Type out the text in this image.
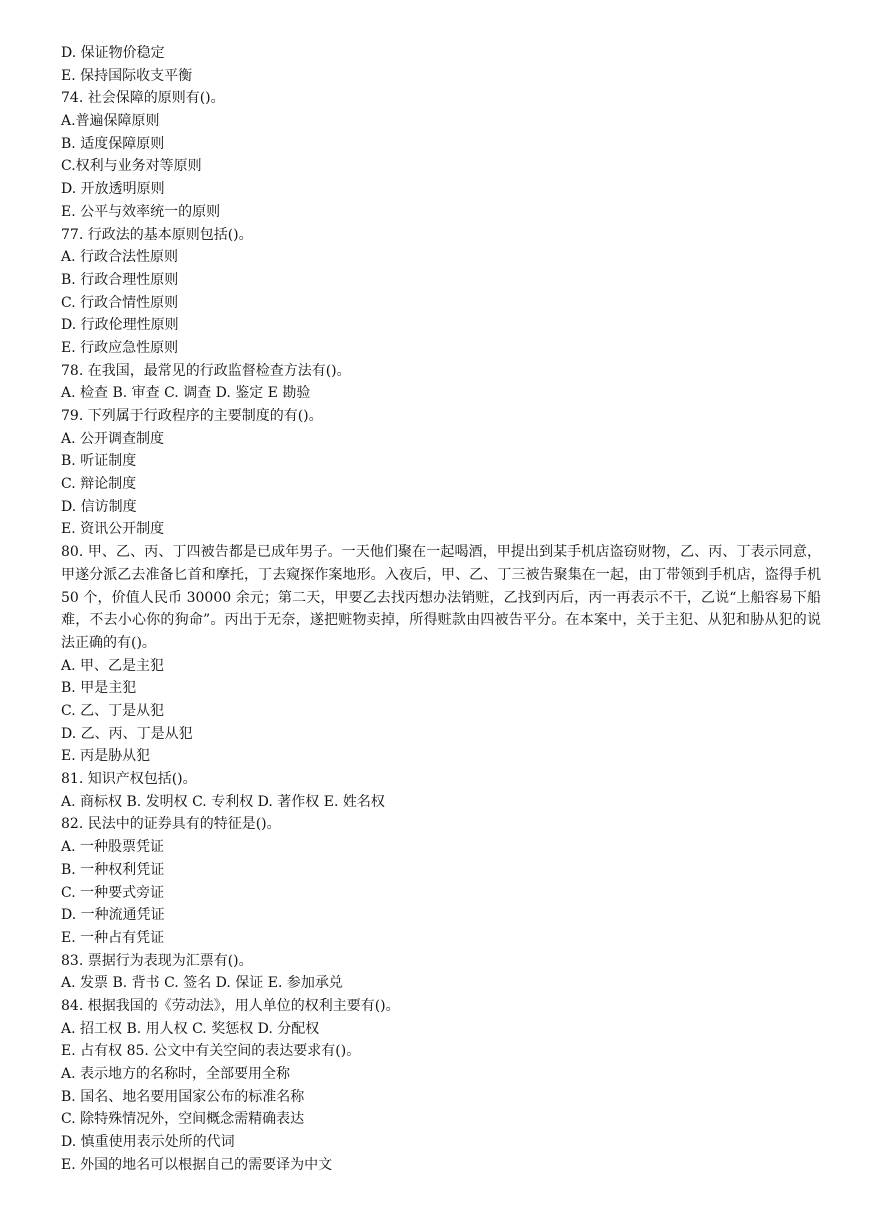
D. 保证物价稳定
E. 保持国际收支平衡
74. 社会保障的原则有()。
A.普遍保障原则
B. 适度保障原则
C.权利与业务对等原则
D. 开放透明原则
E. 公平与效率统一的原则
77. 行政法的基本原则包括()。
A. 行政合法性原则
B. 行政合理性原则
C. 行政合情性原则
D. 行政伦理性原则
E. 行政应急性原则
78. 在我国，最常见的行政监督检查方法有()。
A. 检查 B. 审查 C. 调查 D. 鉴定 E 勘验
79. 下列属于行政程序的主要制度的有()。
A. 公开调查制度
B. 听证制度
C. 辩论制度
D. 信访制度
E. 资讯公开制度

80. 甲、乙、丙、丁四被告都是已成年男子。一天他们聚在一起喝酒，甲提出到某手机店盗窃财物，乙、丙、丁表示同意，甲遂分派乙去准备匕首和摩托，丁去窥探作案地形。入夜后，甲、乙、丁三被告聚集在一起，由丁带领到手机店，盗得手机 50 个，价值人民币 30000 余元；第二天，甲要乙去找丙想办法销赃，乙找到丙后，丙一再表示不干，乙说“上船容易下船难，不去小心你的狗命”。丙出于无奈，遂把赃物卖掉，所得赃款由四被告平分。在本案中，关于主犯、从犯和胁从犯的说法正确的有()。

A. 甲、乙是主犯
B. 甲是主犯
C. 乙、丁是从犯
D. 乙、丙、丁是从犯
E. 丙是胁从犯
81. 知识产权包括()。
A. 商标权 B. 发明权 C. 专利权 D. 著作权 E. 姓名权
82. 民法中的证券具有的特征是()。
A. 一种股票凭证
B. 一种权利凭证
C. 一种要式旁证
D. 一种流通凭证
E. 一种占有凭证
83. 票据行为表现为汇票有()。
A. 发票 B. 背书 C. 签名 D. 保证 E. 参加承兑
84. 根据我国的《劳动法》，用人单位的权利主要有()。
A. 招工权 B. 用人权 C. 奖惩权 D. 分配权
E. 占有权 85. 公文中有关空间的表达要求有()。
A. 表示地方的名称时，全部要用全称
B. 国名、地名要用国家公布的标准名称
C. 除特殊情况外，空间概念需精确表达
D. 慎重使用表示处所的代词
E. 外国的地名可以根据自己的需要译为中文
